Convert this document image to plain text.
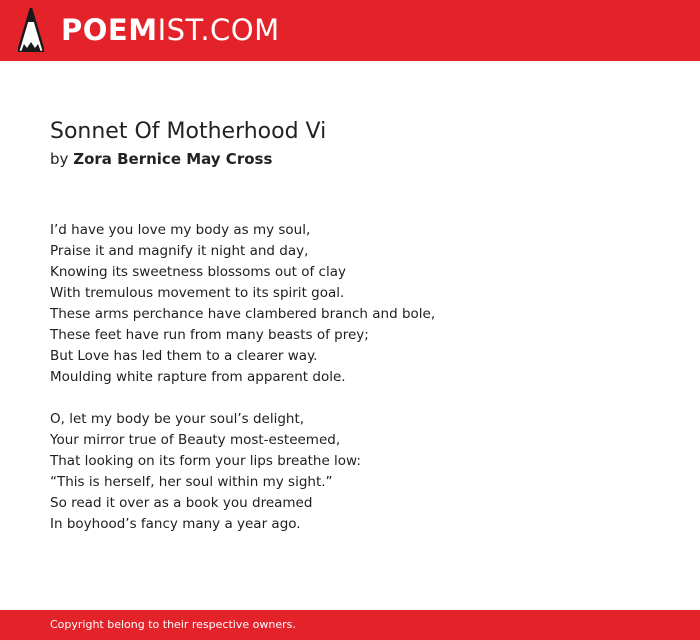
POEMIST.COM
Sonnet Of Motherhood Vi
by Zora Bernice May Cross
I’d have you love my body as my soul,
Praise it and magnify it night and day,
Knowing its sweetness blossoms out of clay
With tremulous movement to its spirit goal.
These arms perchance have clambered branch and bole,
These feet have run from many beasts of prey;
But Love has led them to a clearer way.
Moulding white rapture from apparent dole.
O, let my body be your soul’s delight,
Your mirror true of Beauty most-esteemed,
That looking on its form your lips breathe low:
“This is herself, her soul within my sight.”
So read it over as a book you dreamed
In boyhood’s fancy many a year ago.
Copyright belong to their respective owners.
